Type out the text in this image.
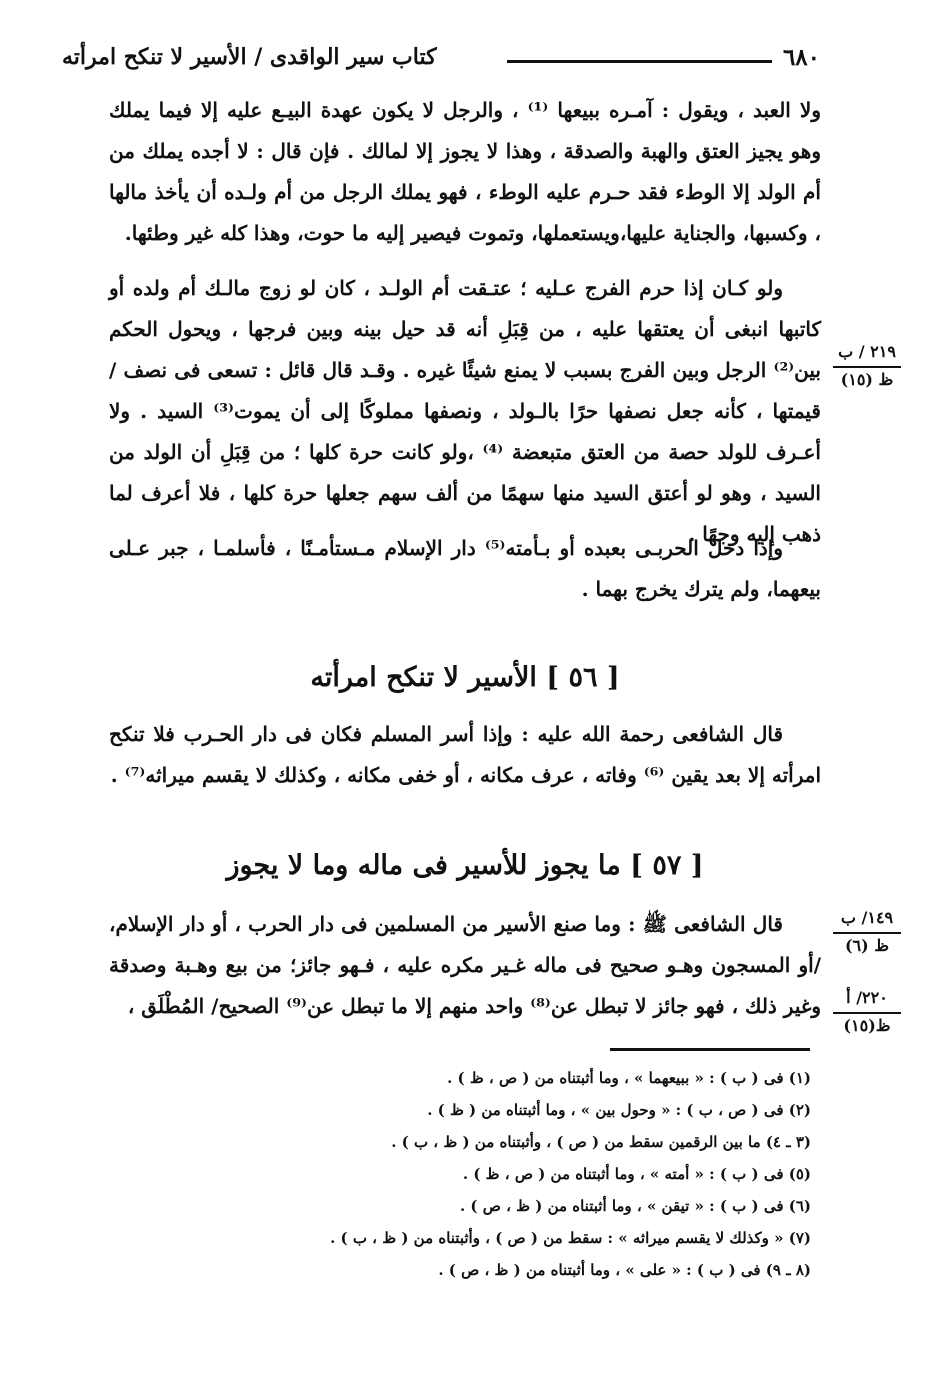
٦٨٠
كتاب سير الواقدى / الأسير لا تنكح امرأته

ولا العبد ، ويقول : آمـره ببيعها ⁽¹⁾ ، والرجل لا يكون عهدة البيـع عليه إلا فيما يملك وهو يجيز العتق والهبة والصدقة ، وهذا لا يجوز إلا لمالك . فإن قال : لا أجده يملك من أم الولد إلا الوطء فقد حـرم عليه الوطء ، فهو يملك الرجل من أم ولـده أن يأخذ مالها ، وكسبها، والجناية عليها،ويستعملها، وتموت فيصير إليه ما حوت، وهذا كله غير وطئها.

ولو كـان إذا حرم الفرج عـليه ؛ عتـقت أم الولـد ، كان لو زوج مالـك أم ولده أو كاتبها انبغى أن يعتقها عليه ، من قِبَلِ أنه قد حيل بينه وبين فرجها ، ويحول الحكم بين⁽²⁾ الرجل وبين الفرج بسبب لا يمنع شيئًا غيره . وقـد قال قائل : تسعى فى نصف / قيمتها ، كأنه جعل نصفها حرًا بالـولد ، ونصفها مملوكًا إلى أن يموت⁽³⁾ السيد . ولا أعـرف للولد حصة من العتق متبعضة ⁽⁴⁾ ،ولو كانت حرة كلها ؛ من قِبَلِ أن الولد من السيد ، وهو لو أعتق السيد منها سهمًا من ألف سهم جعلها حرة كلها ، فلا أعرف لما ذهب إليه وجهًا .

وإذا دخل الحربـى بعبده أو بـأمته⁽⁵⁾ دار الإسلام مـستأمـنًا ، فأسلمـا ، جبر عـلى بيعهما، ولم يترك يخرج بهما .

[ ٥٦ ] الأسير لا تنكح امرأته

قال الشافعى رحمة الله عليه : وإذا أسر المسلم فكان فى دار الحـرب فلا تنكح امرأته إلا بعد يقين ⁽⁶⁾ وفاته ، عرف مكانه ، أو خفى مكانه ، وكذلك لا يقسم ميراثه⁽⁷⁾ .

[ ٥٧ ] ما يجوز للأسير فى ماله وما لا يجوز

قال الشافعى ﷺ : وما صنع الأسير من المسلمين فى دار الحرب ، أو دار الإسلام، /أو المسجون وهـو صحيح فى ماله غـير مكره عليه ، فـهو جائز؛ من بيع وهـبة وصدقة وغير ذلك ، فهو جائز لا تبطل عن⁽⁸⁾ واحد منهم إلا ما تبطل عن⁽⁹⁾ الصحيح/ المُطْلَق ،

٢١٩ / ب
ظ (١٥)
١٤٩/ ب
ظ (٦)
٢٢٠/ أ
ظ(١٥)
(١) فى ( ب ) : « ببيعهما » ، وما أثبتناه من ( ص ، ظ ) .
(٢) فى ( ص ، ب ) : « وحول بين » ، وما أثبتناه من ( ظ ) .
(٣ ـ ٤) ما بين الرقمين سقط من ( ص ) ، وأثبتناه من ( ظ ، ب ) .
(٥) فى ( ب ) : « أمته » ، وما أثبتناه من ( ص ، ظ ) .
(٦) فى ( ب ) : « تيقن » ، وما أثبتناه من ( ظ ، ص ) .
(٧) « وكذلك لا يقسم ميراثه » : سقط من ( ص ) ، وأثبتناه من ( ظ ، ب ) .
(٨ ـ ٩) فى ( ب ) : « على » ، وما أثبتناه من ( ظ ، ص ) .
